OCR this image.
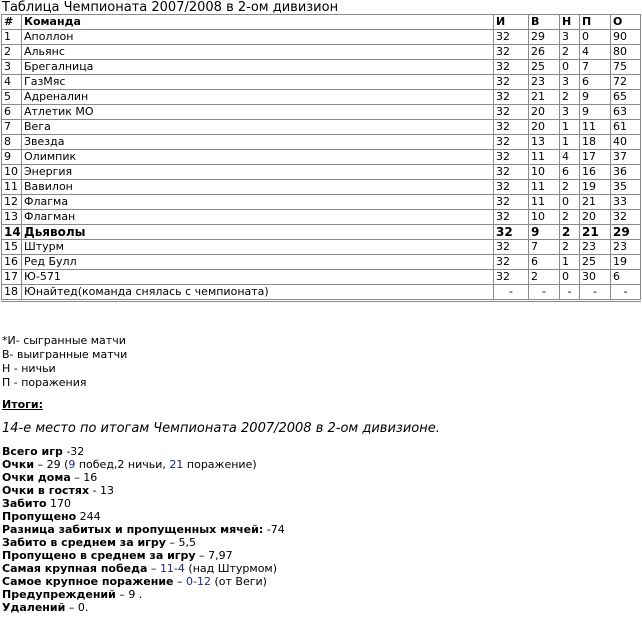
Таблица Чемпионата 2007/2008 в 2-ом дивизион
#	Команда	И	В	Н	П	О
1	Аполлон	32	29	3	0	90
2	Альянс	32	26	2	4	80
3	Брегалница	32	25	0	7	75
4	ГазМяс	32	23	3	6	72
5	Адреналин	32	21	2	9	65
6	Атлетик МО	32	20	3	9	63
7	Вега	32	20	1	11	61
8	Звезда	32	13	1	18	40
9	Олимпик	32	11	4	17	37
10	Энергия	32	10	6	16	36
11	Вавилон	32	11	2	19	35
12	Флагма	32	11	0	21	33
13	Флагман	32	10	2	20	32
14	Дьяволы	32	9	2	21	29
15	Штурм	32	7	2	23	23
16	Ред Булл	32	6	1	25	19
17	Ю-571	32	2	0	30	6
18	Юнайтед(команда снялась с чемпионата)	-	-	-	-	-
*И- сыгранные матчи
В- выигранные матчи
Н - ничьи
П - поражения
Итоги:
14-е место по итогам Чемпионата 2007/2008 в 2-ом дивизионе.
Всего игр -32
Очки – 29 (9 побед,2 ничьи, 21 поражение)
Очки дома – 16
Очки в гостях - 13
Забито 170
Пропущено 244
Разница забитых и пропущенных мячей: -74
Забито в среднем за игру – 5,5
Пропущено в среднем за игру – 7,97
Самая крупная победа – 11-4 (над Штурмом)
Самое крупное поражение – 0-12 (от Веги)
Предупреждений – 9 .
Удалений – 0.
